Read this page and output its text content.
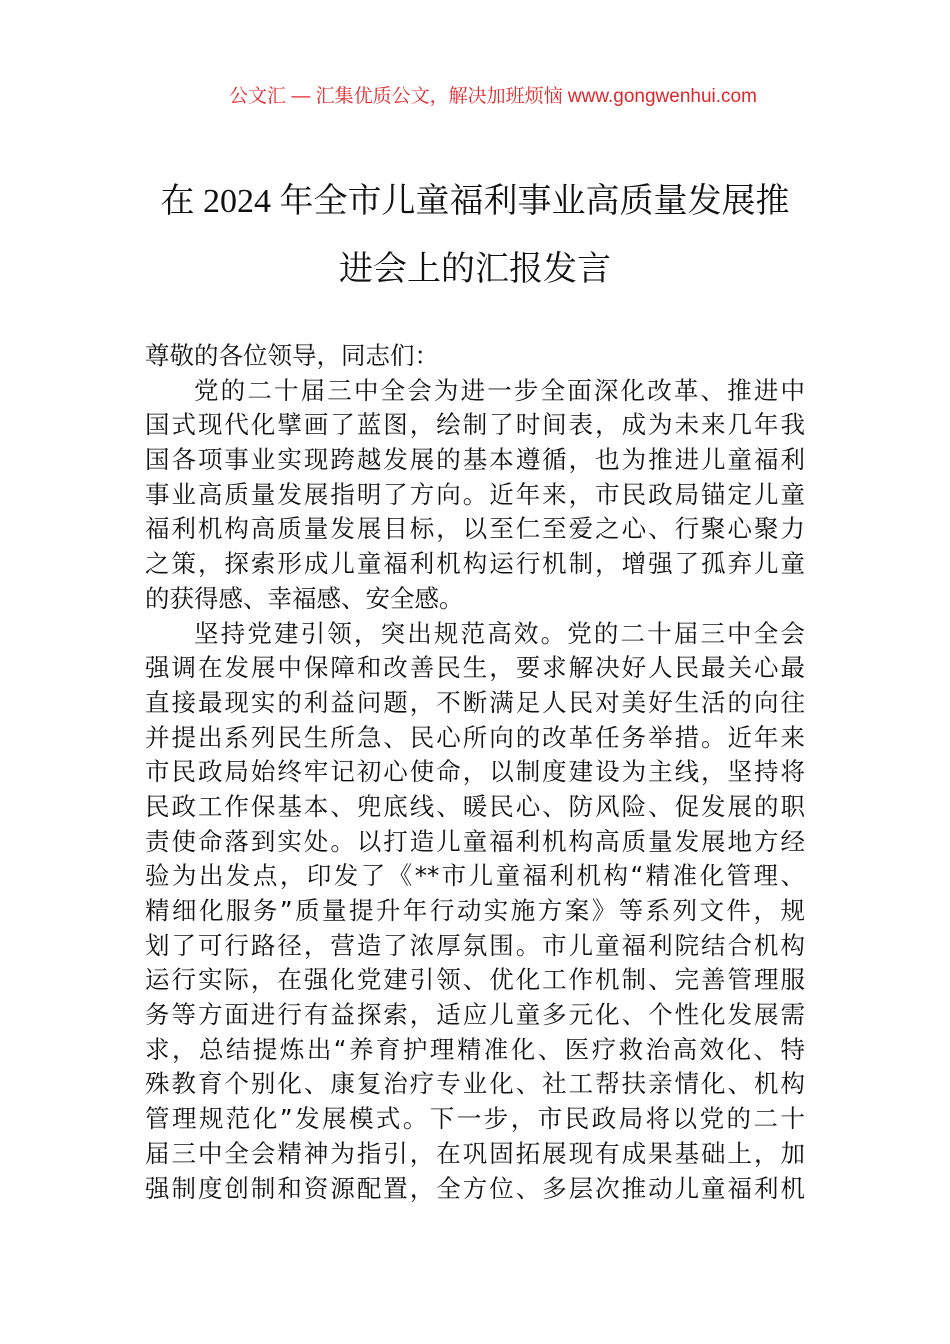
公文汇 — 汇集优质公文，解决加班烦恼 www.gongwenhui.com
在 2024 年全市儿童福利事业高质量发展推
进会上的汇报发言
尊敬的各位领导，同志们：
党的二十届三中全会为进一步全面深化改革、推进中
国式现代化擘画了蓝图，绘制了时间表，成为未来几年我
国各项事业实现跨越发展的基本遵循，也为推进儿童福利
事业高质量发展指明了方向。近年来，市民政局锚定儿童
福利机构高质量发展目标，以至仁至爱之心、行聚心聚力
之策，探索形成儿童福利机构运行机制，增强了孤弃儿童
的获得感、幸福感、安全感。
坚持党建引领，突出规范高效。党的二十届三中全会
强调在发展中保障和改善民生，要求解决好人民最关心最
直接最现实的利益问题，不断满足人民对美好生活的向往
并提出系列民生所急、民心所向的改革任务举措。近年来
市民政局始终牢记初心使命，以制度建设为主线，坚持将
民政工作保基本、兜底线、暖民心、防风险、促发展的职
责使命落到实处。以打造儿童福利机构高质量发展地方经
验为出发点，印发了《**市儿童福利机构“精准化管理、
精细化服务”质量提升年行动实施方案》等系列文件，规
划了可行路径，营造了浓厚氛围。市儿童福利院结合机构
运行实际，在强化党建引领、优化工作机制、完善管理服
务等方面进行有益探索，适应儿童多元化、个性化发展需
求，总结提炼出“养育护理精准化、医疗救治高效化、特
殊教育个别化、康复治疗专业化、社工帮扶亲情化、机构
管理规范化”发展模式。下一步，市民政局将以党的二十
届三中全会精神为指引，在巩固拓展现有成果基础上，加
强制度创制和资源配置，全方位、多层次推动儿童福利机
